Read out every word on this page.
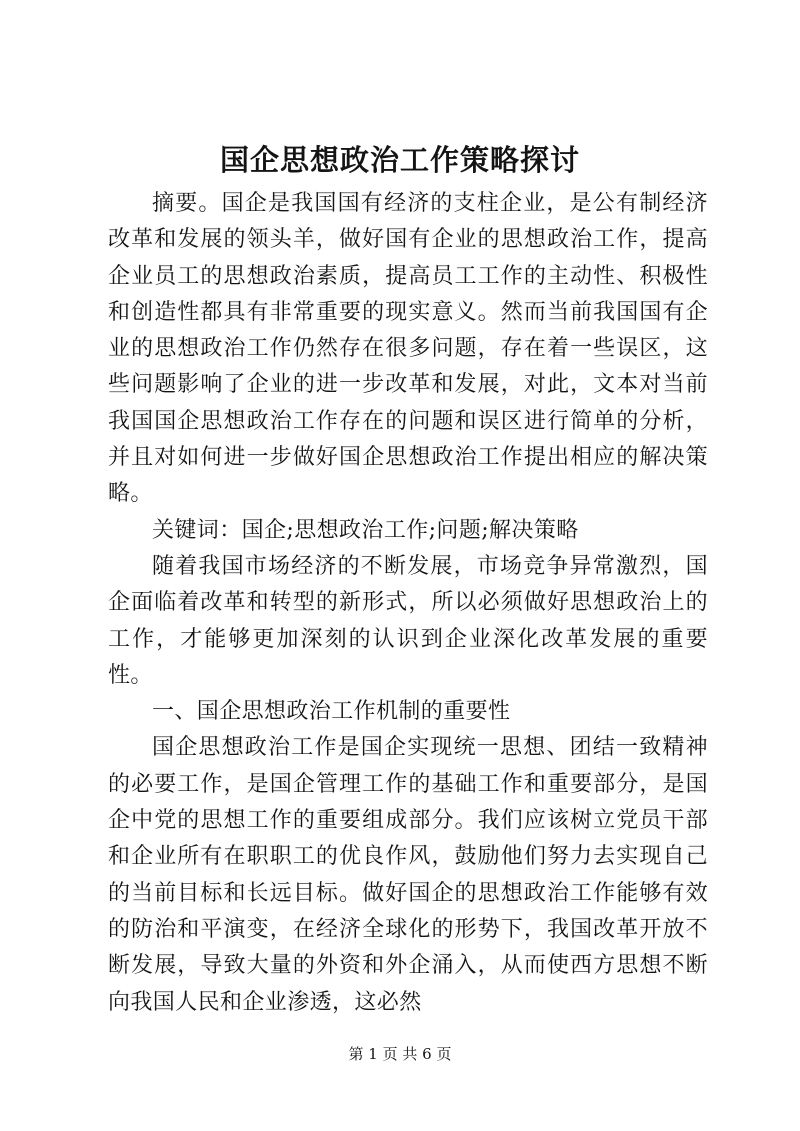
国企思想政治工作策略探讨

摘要。国企是我国国有经济的支柱企业，是公有制经济改革和发展的领头羊，做好国有企业的思想政治工作，提高企业员工的思想政治素质，提高员工工作的主动性、积极性和创造性都具有非常重要的现实意义。然而当前我国国有企业的思想政治工作仍然存在很多问题，存在着一些误区，这些问题影响了企业的进一步改革和发展，对此，文本对当前我国国企思想政治工作存在的问题和误区进行简单的分析，并且对如何进一步做好国企思想政治工作提出相应的解决策略。

关键词：国企;思想政治工作;问题;解决策略

随着我国市场经济的不断发展，市场竞争异常激烈，国企面临着改革和转型的新形式，所以必须做好思想政治上的工作，才能够更加深刻的认识到企业深化改革发展的重要性。

一、国企思想政治工作机制的重要性

国企思想政治工作是国企实现统一思想、团结一致精神的必要工作，是国企管理工作的基础工作和重要部分，是国企中党的思想工作的重要组成部分。我们应该树立党员干部和企业所有在职职工的优良作风，鼓励他们努力去实现自己的当前目标和长远目标。做好国企的思想政治工作能够有效的防治和平演变，在经济全球化的形势下，我国改革开放不断发展，导致大量的外资和外企涌入，从而使西方思想不断向我国人民和企业渗透，这必然

第 1 页 共 6 页
